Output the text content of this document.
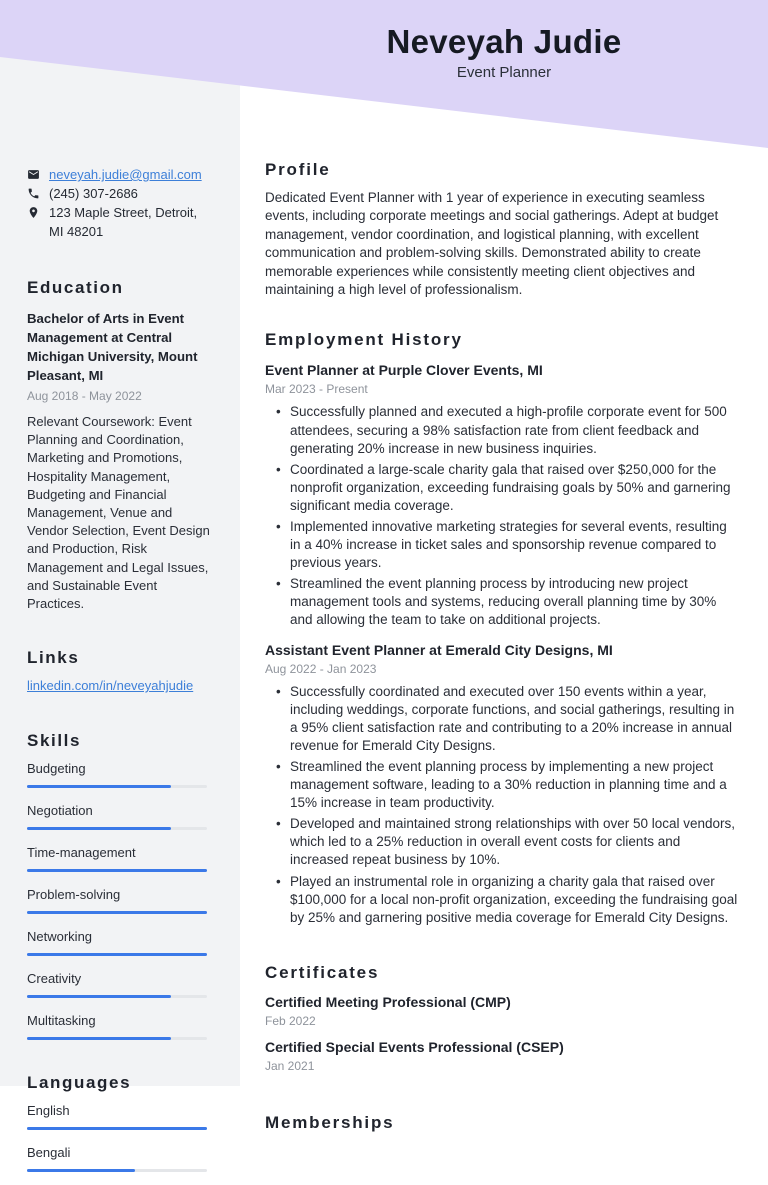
Neveyah Judie
Event Planner
neveyah.judie@gmail.com
(245) 307-2686
123 Maple Street, Detroit, MI 48201
Education
Bachelor of Arts in Event Management at Central Michigan University, Mount Pleasant, MI
Aug 2018 - May 2022
Relevant Coursework: Event Planning and Coordination, Marketing and Promotions, Hospitality Management, Budgeting and Financial Management, Venue and Vendor Selection, Event Design and Production, Risk Management and Legal Issues, and Sustainable Event Practices.
Links
linkedin.com/in/neveyahjudie
Skills
Budgeting
Negotiation
Time-management
Problem-solving
Networking
Creativity
Multitasking
Languages
English
Bengali
Profile
Dedicated Event Planner with 1 year of experience in executing seamless events, including corporate meetings and social gatherings. Adept at budget management, vendor coordination, and logistical planning, with excellent communication and problem-solving skills. Demonstrated ability to create memorable experiences while consistently meeting client objectives and maintaining a high level of professionalism.
Employment History
Event Planner at Purple Clover Events, MI
Mar 2023 - Present
• Successfully planned and executed a high-profile corporate event for 500 attendees, securing a 98% satisfaction rate from client feedback and generating 20% increase in new business inquiries.
• Coordinated a large-scale charity gala that raised over $250,000 for the nonprofit organization, exceeding fundraising goals by 50% and garnering significant media coverage.
• Implemented innovative marketing strategies for several events, resulting in a 40% increase in ticket sales and sponsorship revenue compared to previous years.
• Streamlined the event planning process by introducing new project management tools and systems, reducing overall planning time by 30% and allowing the team to take on additional projects.
Assistant Event Planner at Emerald City Designs, MI
Aug 2022 - Jan 2023
• Successfully coordinated and executed over 150 events within a year, including weddings, corporate functions, and social gatherings, resulting in a 95% client satisfaction rate and contributing to a 20% increase in annual revenue for Emerald City Designs.
• Streamlined the event planning process by implementing a new project management software, leading to a 30% reduction in planning time and a 15% increase in team productivity.
• Developed and maintained strong relationships with over 50 local vendors, which led to a 25% reduction in overall event costs for clients and increased repeat business by 10%.
• Played an instrumental role in organizing a charity gala that raised over $100,000 for a local non-profit organization, exceeding the fundraising goal by 25% and garnering positive media coverage for Emerald City Designs.
Certificates
Certified Meeting Professional (CMP)
Feb 2022
Certified Special Events Professional (CSEP)
Jan 2021
Memberships
